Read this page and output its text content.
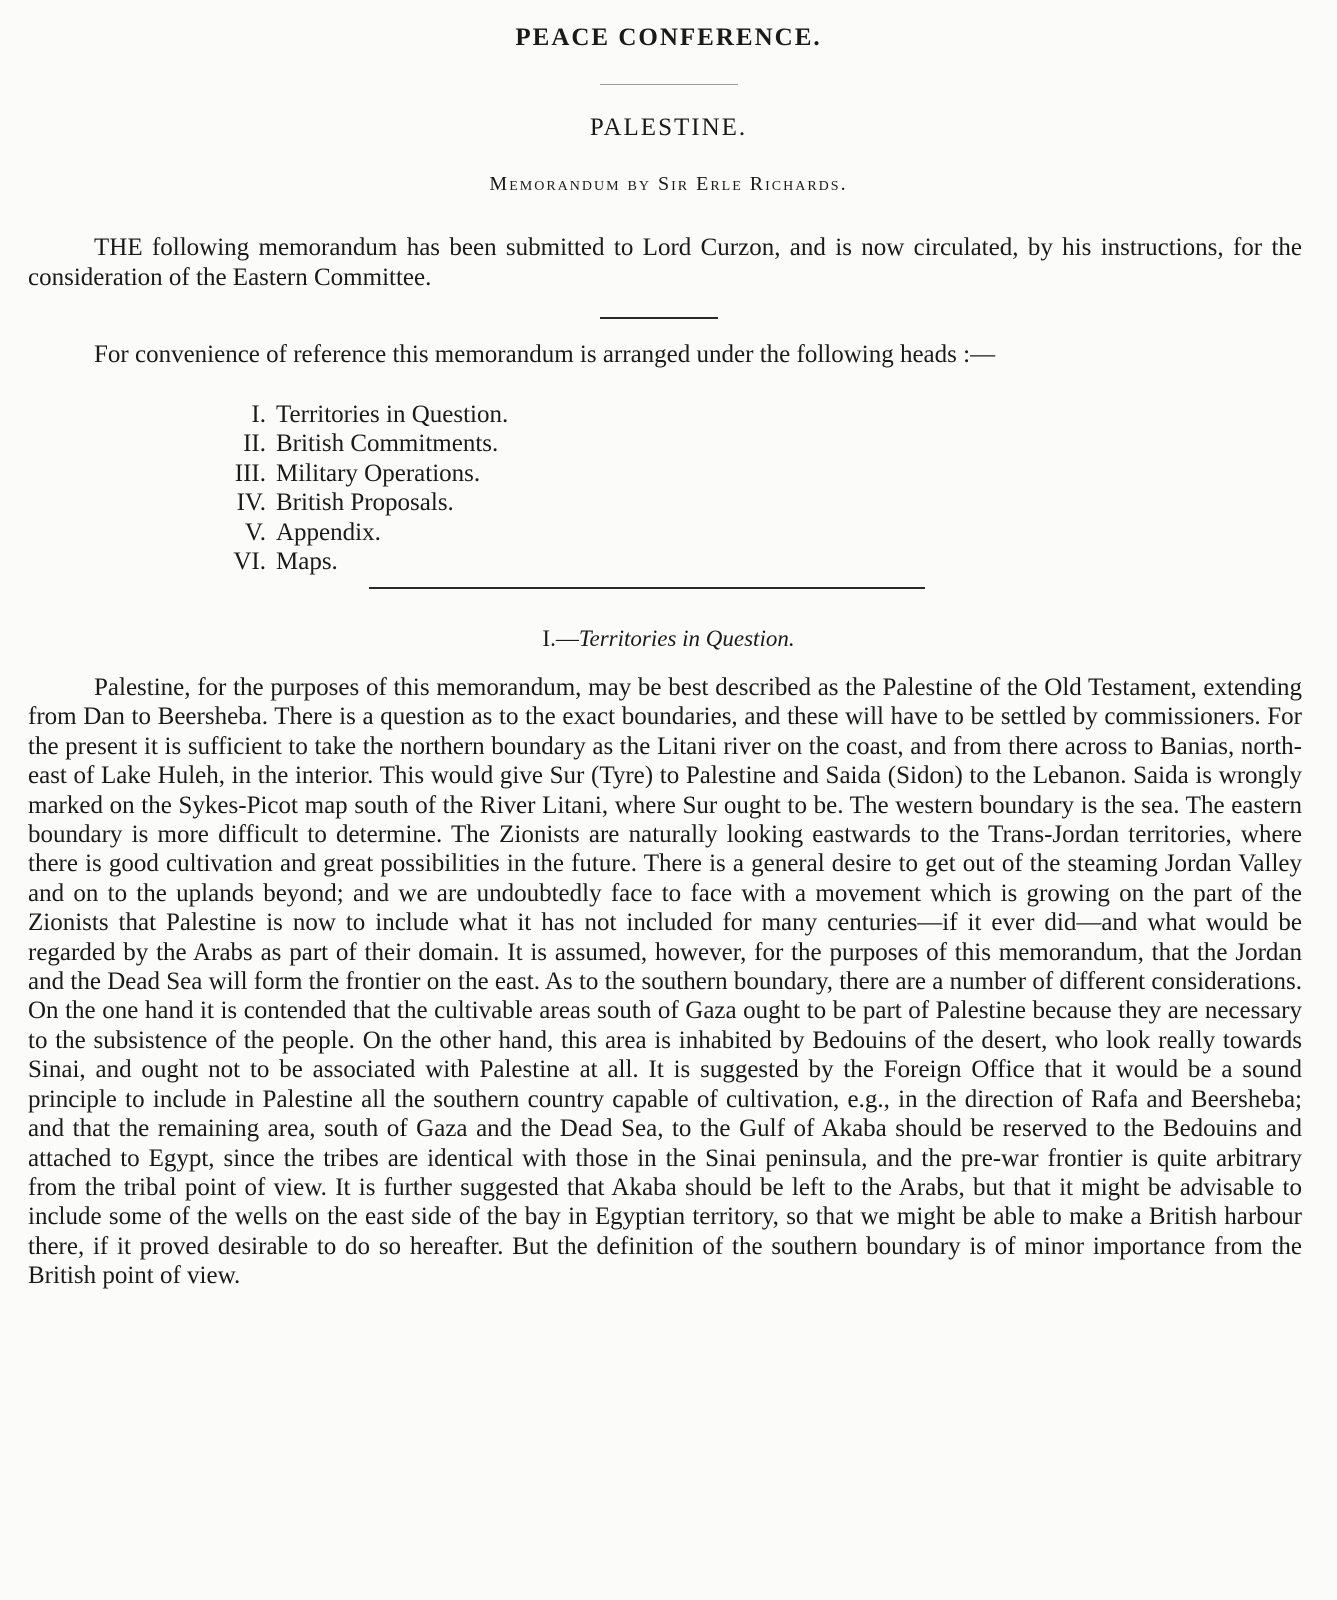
PEACE CONFERENCE.
PALESTINE.
Memorandum by Sir Erle Richards.

THE following memorandum has been submitted to Lord Curzon, and is now circulated, by his instructions, for the consideration of the Eastern Committee.

For convenience of reference this memorandum is arranged under the following heads :—

I. Territories in Question.
II. British Commitments.
III. Military Operations.
IV. British Proposals.
V. Appendix.
VI. Maps.
I.—Territories in Question.

Palestine, for the purposes of this memorandum, may be best described as the Palestine of the Old Testament, extending from Dan to Beersheba. There is a question as to the exact boundaries, and these will have to be settled by commissioners. For the present it is sufficient to take the northern boundary as the Litani river on the coast, and from there across to Banias, north-east of Lake Huleh, in the interior. This would give Sur (Tyre) to Palestine and Saida (Sidon) to the Lebanon. Saida is wrongly marked on the Sykes-Picot map south of the River Litani, where Sur ought to be. The western boundary is the sea. The eastern boundary is more difficult to determine. The Zionists are naturally looking eastwards to the Trans-Jordan territories, where there is good cultivation and great possibilities in the future. There is a general desire to get out of the steaming Jordan Valley and on to the uplands beyond; and we are undoubtedly face to face with a movement which is growing on the part of the Zionists that Palestine is now to include what it has not included for many centuries—if it ever did—and what would be regarded by the Arabs as part of their domain. It is assumed, however, for the purposes of this memorandum, that the Jordan and the Dead Sea will form the frontier on the east. As to the southern boundary, there are a number of different considerations. On the one hand it is contended that the cultivable areas south of Gaza ought to be part of Palestine because they are necessary to the subsistence of the people. On the other hand, this area is inhabited by Bedouins of the desert, who look really towards Sinai, and ought not to be associated with Palestine at all. It is suggested by the Foreign Office that it would be a sound principle to include in Palestine all the southern country capable of cultivation, e.g., in the direction of Rafa and Beersheba; and that the remaining area, south of Gaza and the Dead Sea, to the Gulf of Akaba should be reserved to the Bedouins and attached to Egypt, since the tribes are identical with those in the Sinai peninsula, and the pre-war frontier is quite arbitrary from the tribal point of view. It is further suggested that Akaba should be left to the Arabs, but that it might be advisable to include some of the wells on the east side of the bay in Egyptian territory, so that we might be able to make a British harbour there, if it proved desirable to do so hereafter. But the definition of the southern boundary is of minor importance from the British point of view.
